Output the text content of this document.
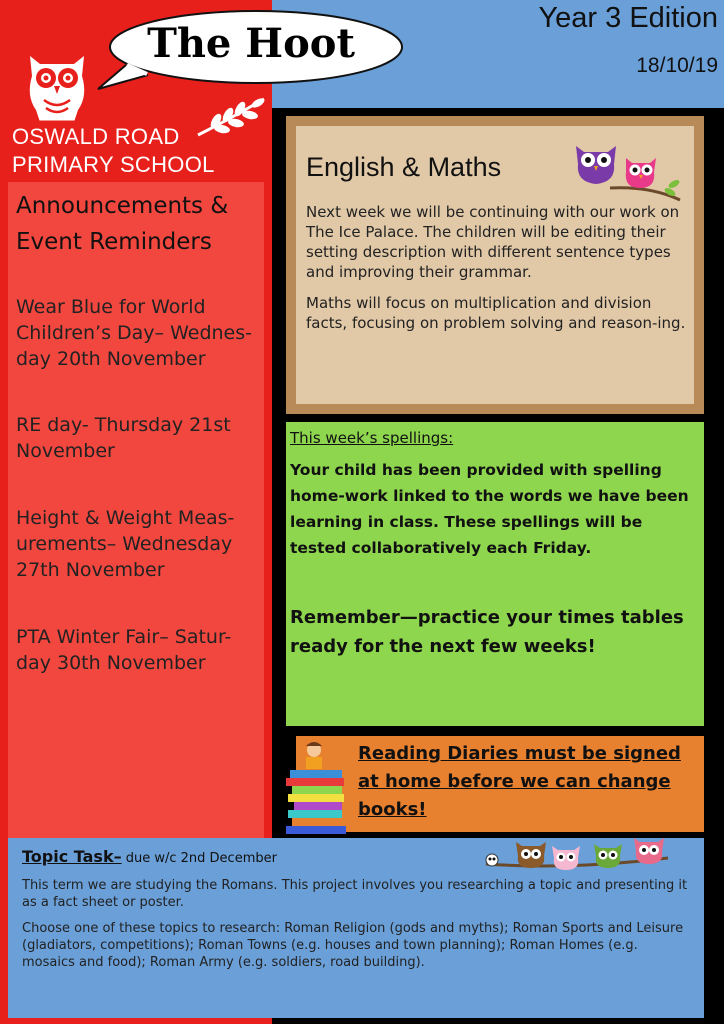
The Hoot
Year 3 Edition
18/10/19
OSWALD ROAD
PRIMARY SCHOOL
Announcements &
Event Reminders
Wear Blue for World Children’s Day– Wednes-day 20th November
RE day- Thursday 21st November
Height & Weight Meas-urements– Wednesday 27th November
PTA Winter Fair– Satur-day 30th November
English & Maths
Next week we will be continuing with our work on The Ice Palace. The children will be editing their setting description with different sentence types and improving their grammar.
Maths will focus on multiplication and division facts, focusing on problem solving and reason-ing.
This week’s spellings:
Your child has been provided with spelling home-work linked to the words we have been learning in class. These spellings will be tested collaboratively each Friday.
Remember—practice your times tables ready for the next few weeks!
Reading Diaries must be signed at home before we can change books!
Topic Task– due w/c 2nd December
This term we are studying the Romans. This project involves you researching a topic and presenting it as a fact sheet or poster.
Choose one of these topics to research: Roman Religion (gods and myths); Roman Sports and Leisure (gladiators, competitions); Roman Towns (e.g. houses and town planning); Roman Homes (e.g. mosaics and food); Roman Army (e.g. soldiers, road building).
